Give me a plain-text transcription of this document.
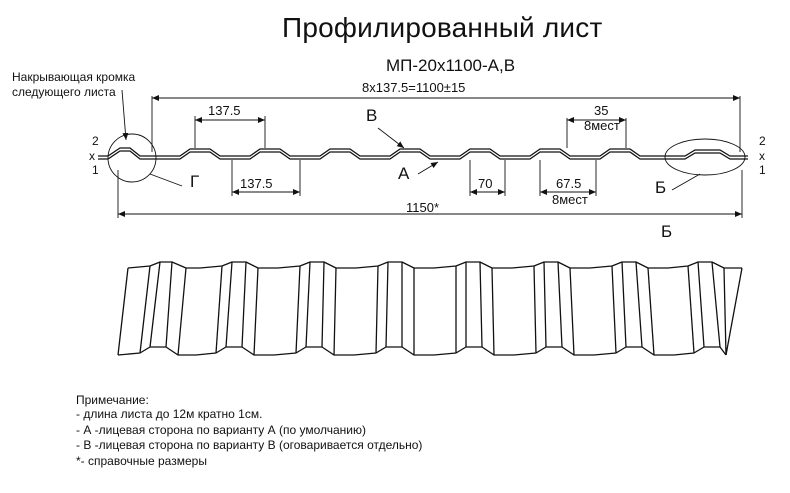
Профилированный лист
МП-20х1100-А,В
8х137.5=1100±15
Накрывающая кромка
следующего листа
137.5
137.5
35
8мест
70	67.5
8мест
1150*
В
А
Г	Б
Б
2
x
1
2
x
1
Примечание:
- длина листа до 12м кратно 1см.
- А -лицевая сторона по варианту А (по умолчанию)
- В -лицевая сторона по варианту В (оговаривается отдельно)
*- справочные размеры
